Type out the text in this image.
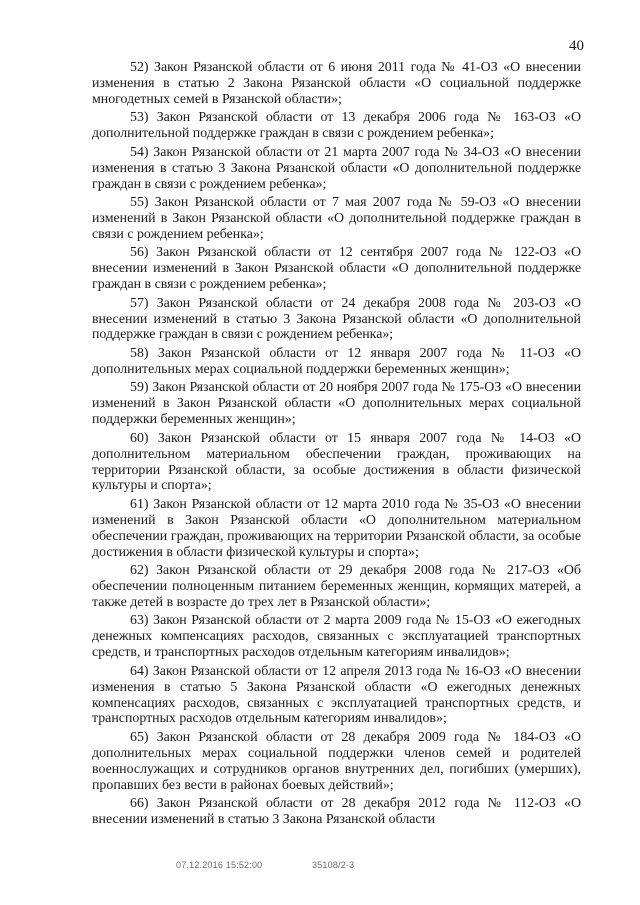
40

52) Закон Рязанской области от 6 июня 2011 года № 41-ОЗ «О внесении изменения в статью 2 Закона Рязанской области «О социальной поддержке многодетных семей в Рязанской области»;

53) Закон Рязанской области от 13 декабря 2006 года № 163-ОЗ «О дополнительной поддержке граждан в связи с рождением ребенка»;

54) Закон Рязанской области от 21 марта 2007 года № 34-ОЗ «О внесении изменения в статью 3 Закона Рязанской области «О дополнительной поддержке граждан в связи с рождением ребенка»;

55) Закон Рязанской области от 7 мая 2007 года № 59-ОЗ «О внесении изменений в Закон Рязанской области «О дополнительной поддержке граждан в связи с рождением ребенка»;

56) Закон Рязанской области от 12 сентября 2007 года № 122-ОЗ «О внесении изменений в Закон Рязанской области «О дополнительной поддержке граждан в связи с рождением ребенка»;

57) Закон Рязанской области от 24 декабря 2008 года № 203-ОЗ «О внесении изменений в статью 3 Закона Рязанской области «О дополнительной поддержке граждан в связи с рождением ребенка»;

58) Закон Рязанской области от 12 января 2007 года № 11-ОЗ «О дополнительных мерах социальной поддержки беременных женщин»;

59) Закон Рязанской области от 20 ноября 2007 года № 175-ОЗ «О внесении изменений в Закон Рязанской области «О дополнительных мерах социальной поддержки беременных женщин»;

60) Закон Рязанской области от 15 января 2007 года № 14-ОЗ «О дополнительном материальном обеспечении граждан, проживающих на территории Рязанской области, за особые достижения в области физической культуры и спорта»;

61) Закон Рязанской области от 12 марта 2010 года № 35-ОЗ «О внесении изменений в Закон Рязанской области «О дополнительном материальном обеспечении граждан, проживающих на территории Рязанской области, за особые достижения в области физической культуры и спорта»;

62) Закон Рязанской области от 29 декабря 2008 года № 217-ОЗ «Об обеспечении полноценным питанием беременных женщин, кормящих матерей, а также детей в возрасте до трех лет в Рязанской области»;

63) Закон Рязанской области от 2 марта 2009 года № 15-ОЗ «О ежегодных денежных компенсациях расходов, связанных с эксплуатацией транспортных средств, и транспортных расходов отдельным категориям инвалидов»;

64) Закон Рязанской области от 12 апреля 2013 года № 16-ОЗ «О внесении изменения в статью 5 Закона Рязанской области «О ежегодных денежных компенсациях расходов, связанных с эксплуатацией транспортных средств, и транспортных расходов отдельным категориям инвалидов»;

65) Закон Рязанской области от 28 декабря 2009 года № 184-ОЗ «О дополнительных мерах социальной поддержки членов семей и родителей военнослужащих и сотрудников органов внутренних дел, погибших (умерших), пропавших без вести в районах боевых действий»;

66) Закон Рязанской области от 28 декабря 2012 года № 112-ОЗ «О внесении изменений в статью 3 Закона Рязанской области

07.12.2016 15:52:00	35108/2-3
